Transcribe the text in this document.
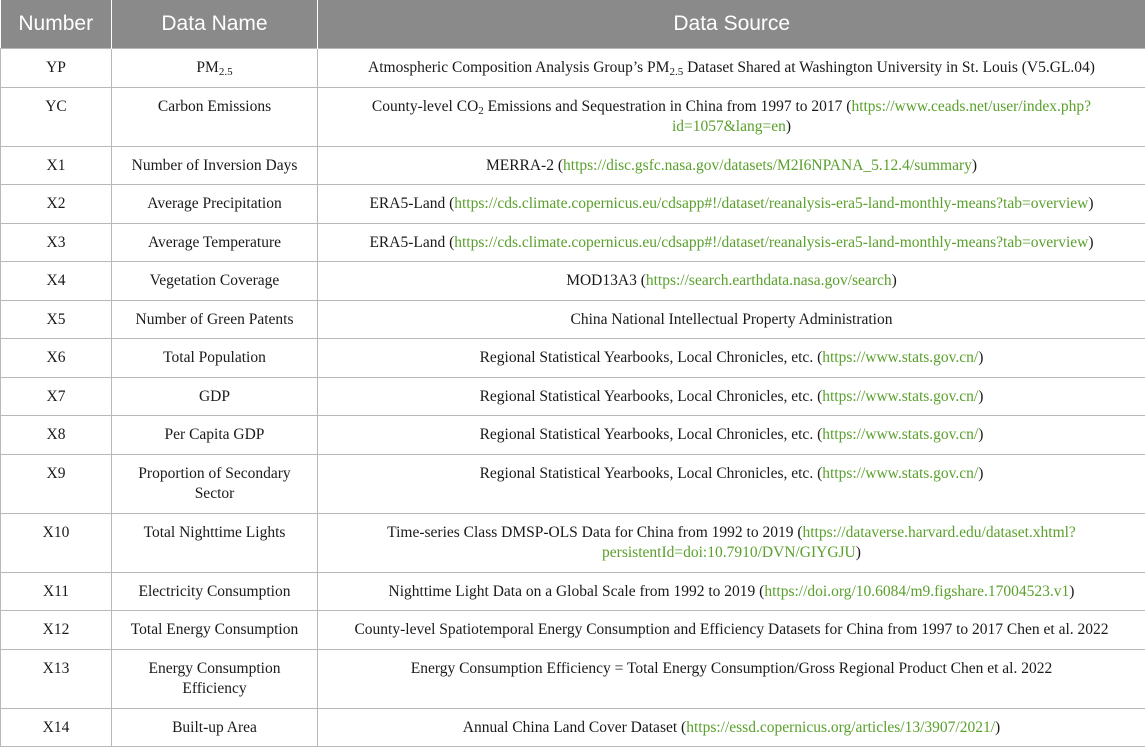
Number	Data Name	Data Source
YP	$PM_{2.5}$	Atmospheric Composition Analysis Group’s $PM_{2.5}$ Dataset Shared at Washington University in St. Louis (V5.GL.04)
YC	Carbon Emissions	County-level $CO_2$ Emissions and Sequestration in China from 1997 to 2017 (https://www.ceads.net/user/index.php?id=1057&lang=en)
X1	Number of Inversion Days	MERRA-2 (https://disc.gsfc.nasa.gov/datasets/M2I6NPANA_5.12.4/summary)
X2	Average Precipitation	ERA5-Land (https://cds.climate.copernicus.eu/cdsapp#!/dataset/reanalysis-era5-land-monthly-means?tab=overview)
X3	Average Temperature	ERA5-Land (https://cds.climate.copernicus.eu/cdsapp#!/dataset/reanalysis-era5-land-monthly-means?tab=overview)
X4	Vegetation Coverage	MOD13A3 (https://search.earthdata.nasa.gov/search)
X5	Number of Green Patents	China National Intellectual Property Administration
X6	Total Population	Regional Statistical Yearbooks, Local Chronicles, etc. (https://www.stats.gov.cn/)
X7	GDP	Regional Statistical Yearbooks, Local Chronicles, etc. (https://www.stats.gov.cn/)
X8	Per Capita GDP	Regional Statistical Yearbooks, Local Chronicles, etc. (https://www.stats.gov.cn/)
X9	Proportion of Secondary Sector	Regional Statistical Yearbooks, Local Chronicles, etc. (https://www.stats.gov.cn/)
X10	Total Nighttime Lights	Time-series Class DMSP-OLS Data for China from 1992 to 2019 (https://dataverse.harvard.edu/dataset.xhtml?persistentId=doi:10.7910/DVN/GIYGJU)
X11	Electricity Consumption	Nighttime Light Data on a Global Scale from 1992 to 2019 (https://doi.org/10.6084/m9.figshare.17004523.v1)
X12	Total Energy Consumption	County-level Spatiotemporal Energy Consumption and Efficiency Datasets for China from 1997 to 2017 Chen et al. 2022
X13	Energy Consumption Efficiency	Energy Consumption Efficiency = Total Energy Consumption/Gross Regional Product Chen et al. 2022
X14	Built-up Area	Annual China Land Cover Dataset (https://essd.copernicus.org/articles/13/3907/2021/)
